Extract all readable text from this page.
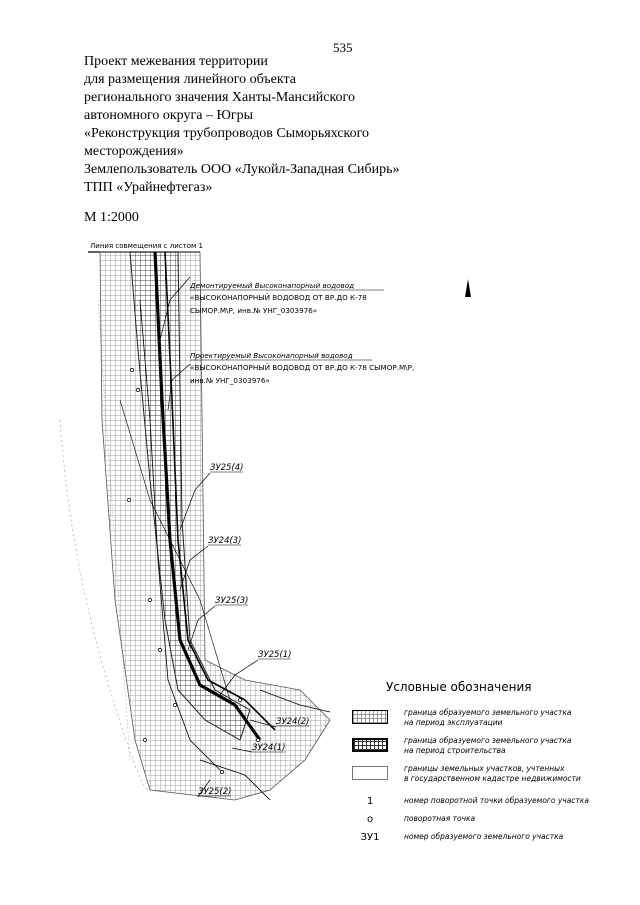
535
Проект межевания территории
для размещения линейного объекта
регионального значения Ханты-Мансийского
автономного округа – Югры
«Реконструкция трубопроводов Сыморьяхского
месторождения»
Землепользователь ООО «Лукойл-Западная Сибирь»
ТПП «Урайнефтегаз»
М 1:2000
Линия совмещения с листом 1
Демонтируемый Высоконапорный водовод
«ВЫСОКОНАПОРНЫЙ ВОДОВОД ОТ ВР.ДО К-78
СЫМОР.М\Р, инв.№ УНГ_0303976»
Проектируемый Высоконапорный водовод
«ВЫСОКОНАПОРНЫЙ ВОДОВОД ОТ ВР.ДО К-78 СЫМОР.М\Р,
инв.№ УНГ_0303976»
ЗУ25(4)
ЗУ24(3)
ЗУ25(3)
ЗУ25(1)
ЗУ24(2)
ЗУ24(1)
ЗУ25(2)
Условные обозначения
граница образуемого земельного участка
на период эксплуатации
граница образуемого земельного участка
на период строительства
границы земельных участков, учтенных
в государственном кадастре недвижимости
1	номер поворотной точки образуемого участка
о	поворотная точка
ЗУ1	номер образуемого земельного участка
